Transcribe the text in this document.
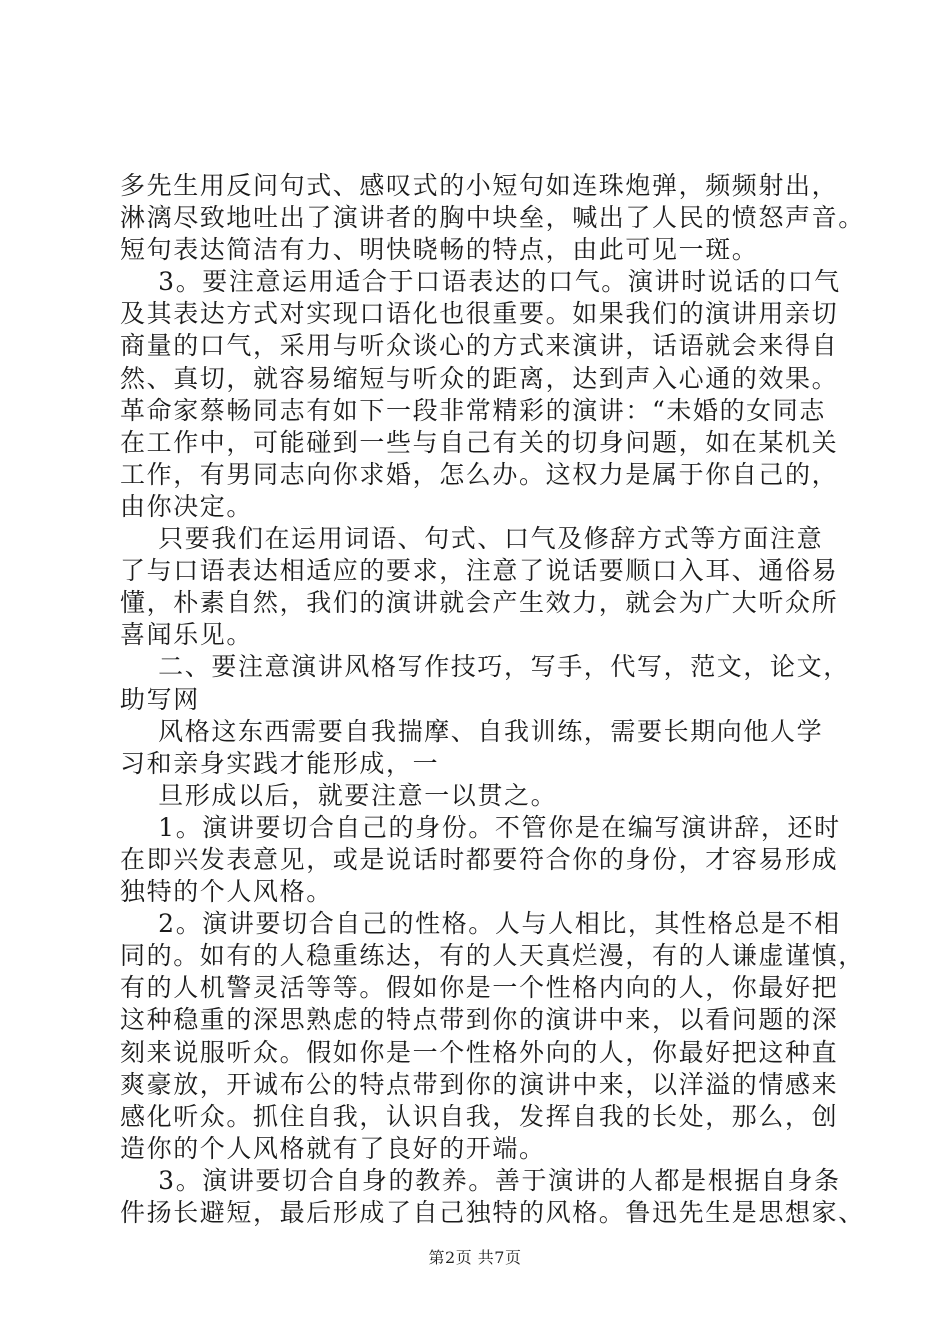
多先生用反问句式、感叹式的小短句如连珠炮弹，频频射出，
淋漓尽致地吐出了演讲者的胸中块垒，喊出了人民的愤怒声音。
短句表达简洁有力、明快晓畅的特点，由此可见一斑。
3。要注意运用适合于口语表达的口气。演讲时说话的口气
及其表达方式对实现口语化也很重要。如果我们的演讲用亲切
商量的口气，采用与听众谈心的方式来演讲，话语就会来得自
然、真切，就容易缩短与听众的距离，达到声入心通的效果。
革命家蔡畅同志有如下一段非常精彩的演讲：“未婚的女同志
在工作中，可能碰到一些与自己有关的切身问题，如在某机关
工作，有男同志向你求婚，怎么办。这权力是属于你自己的，
由你决定。
只要我们在运用词语、句式、口气及修辞方式等方面注意
了与口语表达相适应的要求，注意了说话要顺口入耳、通俗易
懂，朴素自然，我们的演讲就会产生效力，就会为广大听众所
喜闻乐见。
二、要注意演讲风格写作技巧，写手，代写，范文，论文，
助写网
风格这东西需要自我揣摩、自我训练，需要长期向他人学
习和亲身实践才能形成，一
旦形成以后，就要注意一以贯之。
1。演讲要切合自己的身份。不管你是在编写演讲辞，还时
在即兴发表意见，或是说话时都要符合你的身份，才容易形成
独特的个人风格。
2。演讲要切合自己的性格。人与人相比，其性格总是不相
同的。如有的人稳重练达，有的人天真烂漫，有的人谦虚谨慎，
有的人机警灵活等等。假如你是一个性格内向的人，你最好把
这种稳重的深思熟虑的特点带到你的演讲中来，以看问题的深
刻来说服听众。假如你是一个性格外向的人，你最好把这种直
爽豪放，开诚布公的特点带到你的演讲中来，以洋溢的情感来
感化听众。抓住自我，认识自我，发挥自我的长处，那么，创
造你的个人风格就有了良好的开端。
3。演讲要切合自身的教养。善于演讲的人都是根据自身条
件扬长避短，最后形成了自己独特的风格。鲁迅先生是思想家、
第2页 共7页
